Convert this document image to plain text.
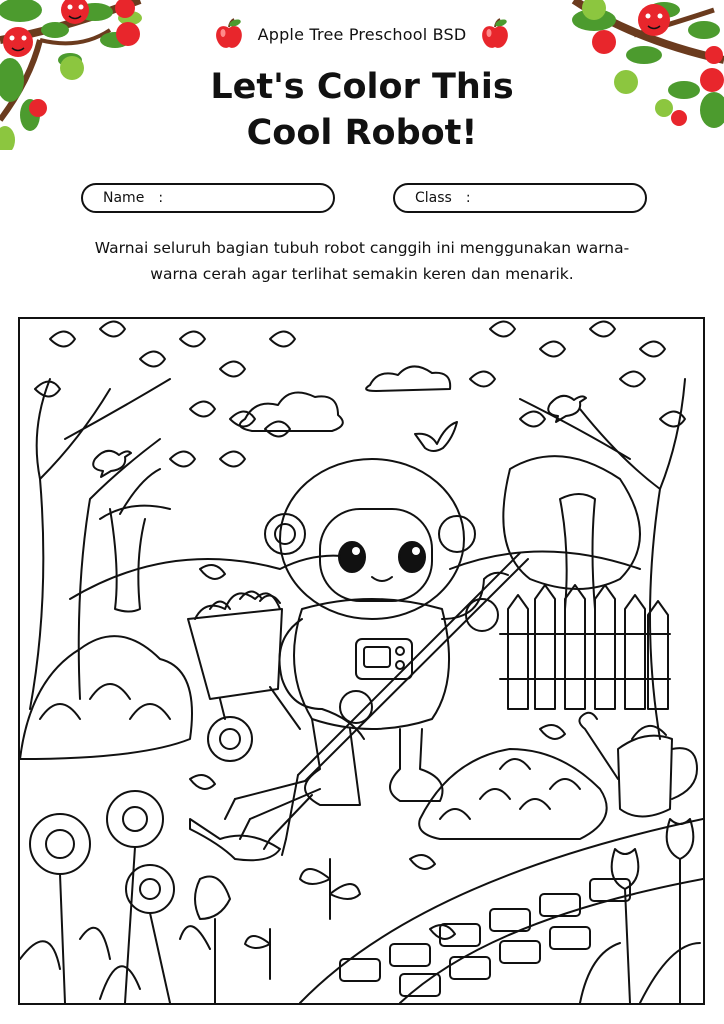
Apple Tree Preschool BSD
Let's Color This
Cool Robot!
Name :	Class :

Warnai seluruh bagian tubuh robot canggih ini menggunakan warna-
warna cerah agar terlihat semakin keren dan menarik.
